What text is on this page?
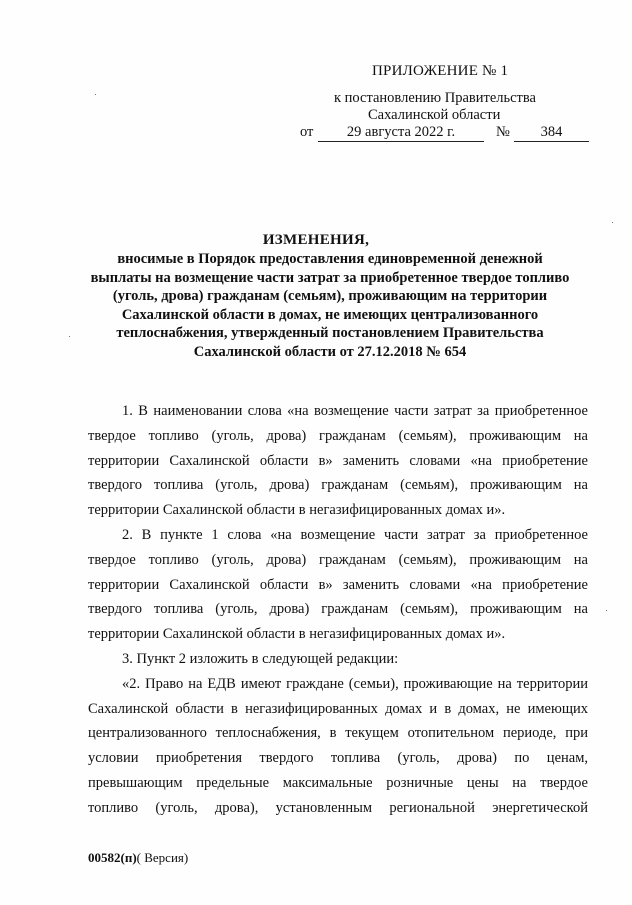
ПРИЛОЖЕНИЕ № 1
к постановлению Правительства
Сахалинской области
от	29 августа 2022 г.	№	384
ИЗМЕНЕНИЯ,
вносимые в Порядок предоставления единовременной денежной
выплаты на возмещение части затрат за приобретенное твердое топливо
(уголь, дрова) гражданам (семьям), проживающим на территории
Сахалинской области в домах, не имеющих централизованного
теплоснабжения, утвержденный постановлением Правительства
Сахалинской области от 27.12.2018 № 654
1. В наименовании слова «на возмещение части затрат за приобретенное
твердое топливо (уголь, дрова) гражданам (семьям), проживающим на
территории Сахалинской области в» заменить словами «на приобретение
твердого топлива (уголь, дрова) гражданам (семьям), проживающим на
территории Сахалинской области в негазифицированных домах и».
2. В пункте 1 слова «на возмещение части затрат за приобретенное
твердое топливо (уголь, дрова) гражданам (семьям), проживающим на
территории Сахалинской области в» заменить словами «на приобретение
твердого топлива (уголь, дрова) гражданам (семьям), проживающим на
территории Сахалинской области в негазифицированных домах и».
3. Пункт 2 изложить в следующей редакции:
«2. Право на ЕДВ имеют граждане (семьи), проживающие на территории
Сахалинской области в негазифицированных домах и в домах, не имеющих
централизованного теплоснабжения, в текущем отопительном периоде, при
условии приобретения твердого топлива (уголь, дрова) по ценам,
превышающим предельные максимальные розничные цены на твердое
топливо (уголь, дрова), установленным региональной энергетической
00582(п)( Версия)
